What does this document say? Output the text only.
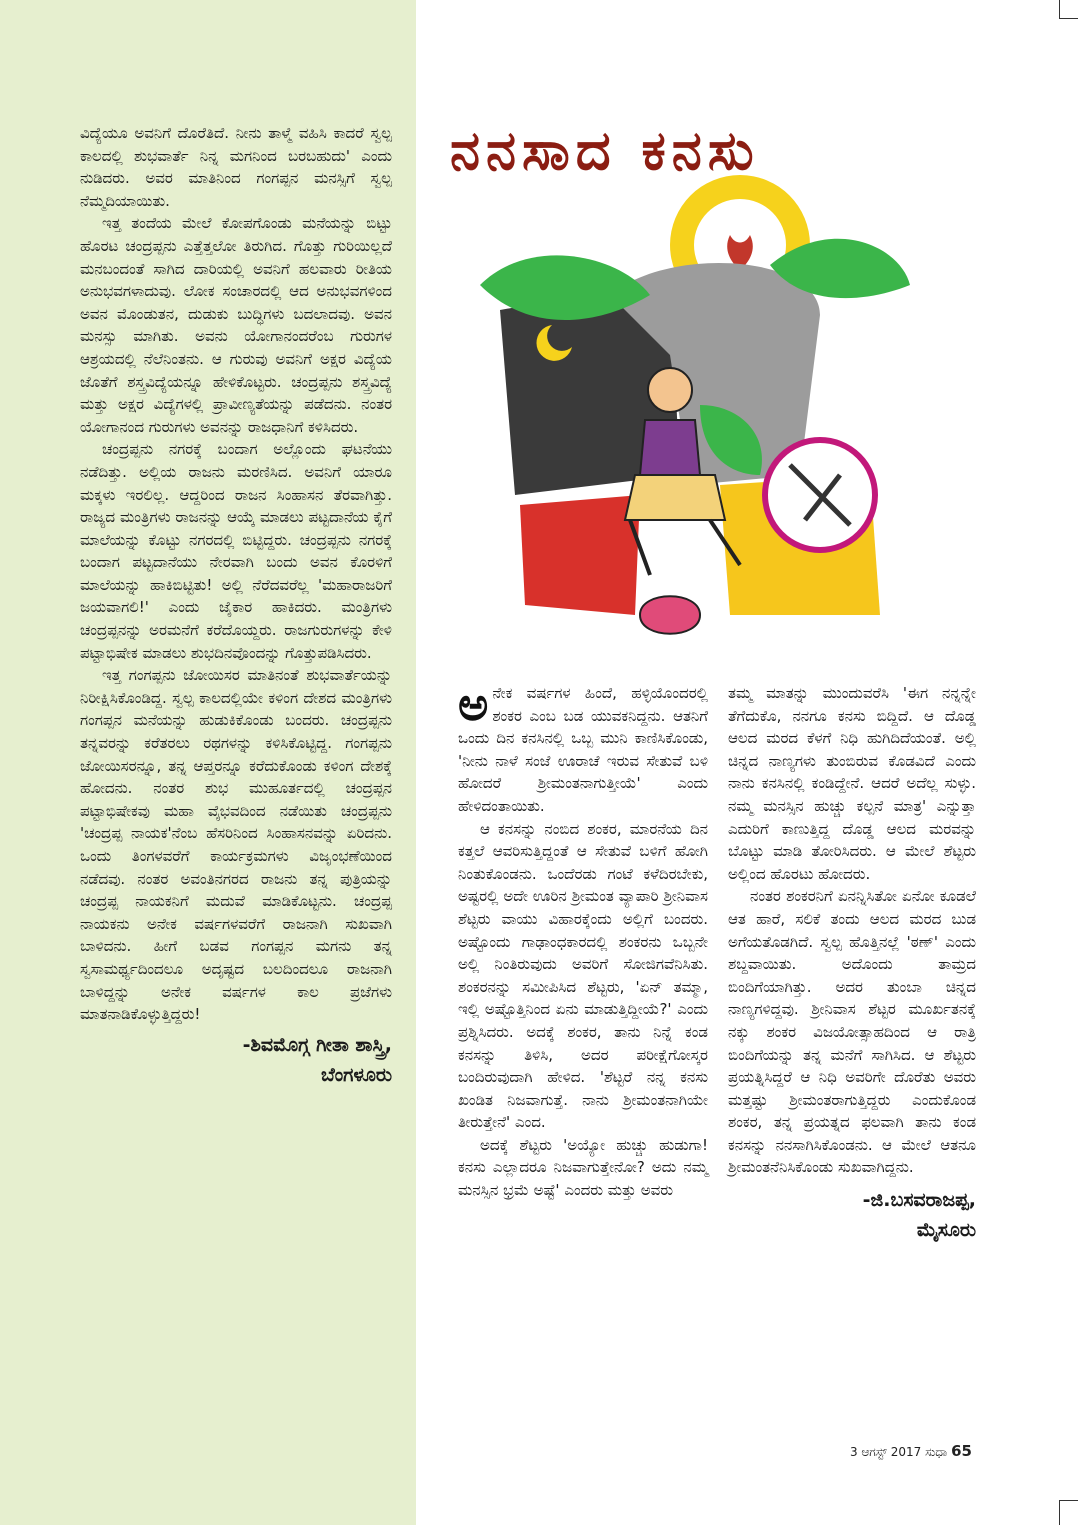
ವಿದ್ಯೆಯೂ ಅವನಿಗೆ ದೊರೆತಿದೆ. ನೀನು ತಾಳ್ಮೆ ವಹಿಸಿ ಕಾದರೆ ಸ್ವಲ್ಪ ಕಾಲದಲ್ಲಿ ಶುಭವಾರ್ತೆ ನಿನ್ನ ಮಗನಿಂದ ಬರಬಹುದು' ಎಂದು ನುಡಿದರು. ಅವರ ಮಾತಿನಿಂದ ಗಂಗಪ್ಪನ ಮನಸ್ಸಿಗೆ ಸ್ವಲ್ಪ ನೆಮ್ಮದಿಯಾಯಿತು.

ಇತ್ತ ತಂದೆಯ ಮೇಲೆ ಕೋಪಗೊಂಡು ಮನೆಯನ್ನು ಬಿಟ್ಟು ಹೊರಟ ಚಂದ್ರಪ್ಪನು ಎತ್ತೆತ್ತಲೋ ತಿರುಗಿದ. ಗೊತ್ತು ಗುರಿಯಿಲ್ಲದೆ ಮನಬಂದಂತೆ ಸಾಗಿದ ದಾರಿಯಲ್ಲಿ ಅವನಿಗೆ ಹಲವಾರು ರೀತಿಯ ಅನುಭವಗಳಾದುವು. ಲೋಕ ಸಂಚಾರದಲ್ಲಿ ಆದ ಅನುಭವಗಳಿಂದ ಅವನ ಮೊಂಡುತನ, ದುಡುಕು ಬುದ್ಧಿಗಳು ಬದಲಾದವು. ಅವನ ಮನಸ್ಸು ಮಾಗಿತು. ಅವನು ಯೋಗಾನಂದರೆಂಬ ಗುರುಗಳ ಆಶ್ರಯದಲ್ಲಿ ನೆಲೆನಿಂತನು. ಆ ಗುರುವು ಅವನಿಗೆ ಅಕ್ಷರ ವಿದ್ಯೆಯ ಜೊತೆಗೆ ಶಸ್ತ್ರವಿದ್ಯೆಯನ್ನೂ ಹೇಳಿಕೊಟ್ಟರು. ಚಂದ್ರಪ್ಪನು ಶಸ್ತ್ರವಿದ್ಯೆ ಮತ್ತು ಅಕ್ಷರ ವಿದ್ಯೆಗಳಲ್ಲಿ ಪ್ರಾವೀಣ್ಯತೆಯನ್ನು ಪಡೆದನು. ನಂತರ ಯೋಗಾನಂದ ಗುರುಗಳು ಅವನನ್ನು ರಾಜಧಾನಿಗೆ ಕಳಿಸಿದರು.

ಚಂದ್ರಪ್ಪನು ನಗರಕ್ಕೆ ಬಂದಾಗ ಅಲ್ಲೊಂದು ಘಟನೆಯು ನಡೆದಿತ್ತು. ಅಲ್ಲಿಯ ರಾಜನು ಮರಣಿಸಿದ. ಅವನಿಗೆ ಯಾರೂ ಮಕ್ಕಳು ಇರಲಿಲ್ಲ. ಆದ್ದರಿಂದ ರಾಜನ ಸಿಂಹಾಸನ ತೆರವಾಗಿತ್ತು. ರಾಜ್ಯದ ಮಂತ್ರಿಗಳು ರಾಜನನ್ನು ಆಯ್ಕೆ ಮಾಡಲು ಪಟ್ಟದಾನೆಯ ಕೈಗೆ ಮಾಲೆಯನ್ನು ಕೊಟ್ಟು ನಗರದಲ್ಲಿ ಬಿಟ್ಟಿದ್ದರು. ಚಂದ್ರಪ್ಪನು ನಗರಕ್ಕೆ ಬಂದಾಗ ಪಟ್ಟದಾನೆಯು ನೇರವಾಗಿ ಬಂದು ಅವನ ಕೊರಳಿಗೆ ಮಾಲೆಯನ್ನು ಹಾಕಿಬಿಟ್ಟಿತು! ಅಲ್ಲಿ ನೆರೆದವರೆಲ್ಲ 'ಮಹಾರಾಜರಿಗೆ ಜಯವಾಗಲಿ!' ಎಂದು ಜೈಕಾರ ಹಾಕಿದರು. ಮಂತ್ರಿಗಳು ಚಂದ್ರಪ್ಪನನ್ನು ಅರಮನೆಗೆ ಕರೆದೊಯ್ದರು. ರಾಜಗುರುಗಳನ್ನು ಕೇಳಿ ಪಟ್ಟಾಭಿಷೇಕ ಮಾಡಲು ಶುಭದಿನವೊಂದನ್ನು ಗೊತ್ತುಪಡಿಸಿದರು.

ಇತ್ತ ಗಂಗಪ್ಪನು ಜೋಯಿಸರ ಮಾತಿನಂತೆ ಶುಭವಾರ್ತೆಯನ್ನು ನಿರೀಕ್ಷಿಸಿಕೊಂಡಿದ್ದ. ಸ್ವಲ್ಪ ಕಾಲದಲ್ಲಿಯೇ ಕಳಿಂಗ ದೇಶದ ಮಂತ್ರಿಗಳು ಗಂಗಪ್ಪನ ಮನೆಯನ್ನು ಹುಡುಕಿಕೊಂಡು ಬಂದರು. ಚಂದ್ರಪ್ಪನು ತನ್ನವರನ್ನು ಕರೆತರಲು ರಥಗಳನ್ನು ಕಳಿಸಿಕೊಟ್ಟಿದ್ದ. ಗಂಗಪ್ಪನು ಜೋಯಿಸರನ್ನೂ, ತನ್ನ ಆಪ್ತರನ್ನೂ ಕರೆದುಕೊಂಡು ಕಳಿಂಗ ದೇಶಕ್ಕೆ ಹೋದನು. ನಂತರ ಶುಭ ಮುಹೂರ್ತದಲ್ಲಿ ಚಂದ್ರಪ್ಪನ ಪಟ್ಟಾಭಿಷೇಕವು ಮಹಾ ವೈಭವದಿಂದ ನಡೆಯಿತು ಚಂದ್ರಪ್ಪನು 'ಚಂದ್ರಪ್ಪ ನಾಯಕ'ನೆಂಬ ಹೆಸರಿನಿಂದ ಸಿಂಹಾಸನವನ್ನು ಏರಿದನು. ಒಂದು ತಿಂಗಳವರೆಗೆ ಕಾರ್ಯಕ್ರಮಗಳು ವಿಜೃಂಭಣೆಯಿಂದ ನಡೆದವು. ನಂತರ ಅವಂತಿನಗರದ ರಾಜನು ತನ್ನ ಪುತ್ರಿಯನ್ನು ಚಂದ್ರಪ್ಪ ನಾಯಕನಿಗೆ ಮದುವೆ ಮಾಡಿಕೊಟ್ಟನು. ಚಂದ್ರಪ್ಪ ನಾಯಕನು ಅನೇಕ ವರ್ಷಗಳವರೆಗೆ ರಾಜನಾಗಿ ಸುಖವಾಗಿ ಬಾಳಿದನು. ಹೀಗೆ ಬಡವ ಗಂಗಪ್ಪನ ಮಗನು ತನ್ನ ಸ್ವಸಾಮರ್ಥ್ಯದಿಂದಲೂ ಅದೃಷ್ಟದ ಬಲದಿಂದಲೂ ರಾಜನಾಗಿ ಬಾಳಿದ್ದನ್ನು ಅನೇಕ ವರ್ಷಗಳ ಕಾಲ ಪ್ರಜೆಗಳು ಮಾತನಾಡಿಕೊಳ್ಳುತ್ತಿದ್ದರು!

-ಶಿವಮೊಗ್ಗ ಗೀತಾ ಶಾಸ್ತ್ರಿ,
ಬೆಂಗಳೂರು
ನನಸಾದ ಕನಸು

ಅನೇಕ ವರ್ಷಗಳ ಹಿಂದೆ, ಹಳ್ಳಿಯೊಂದರಲ್ಲಿ ಶಂಕರ ಎಂಬ ಬಡ ಯುವಕನಿದ್ದನು. ಆತನಿಗೆ ಒಂದು ದಿನ ಕನಸಿನಲ್ಲಿ ಒಬ್ಬ ಮುನಿ ಕಾಣಿಸಿಕೊಂಡು, 'ನೀನು ನಾಳೆ ಸಂಜೆ ಊರಾಚೆ ಇರುವ ಸೇತುವೆ ಬಳಿ ಹೋದರೆ ಶ್ರೀಮಂತನಾಗುತ್ತೀಯೆ' ಎಂದು ಹೇಳಿದಂತಾಯಿತು.

ಆ ಕನಸನ್ನು ನಂಬಿದ ಶಂಕರ, ಮಾರನೆಯ ದಿನ ಕತ್ತಲೆ ಆವರಿಸುತ್ತಿದ್ದಂತೆ ಆ ಸೇತುವೆ ಬಳಿಗೆ ಹೋಗಿ ನಿಂತುಕೊಂಡನು. ಒಂದೆರಡು ಗಂಟೆ ಕಳೆದಿರಬೇಕು, ಅಷ್ಟರಲ್ಲಿ ಅದೇ ಊರಿನ ಶ್ರೀಮಂತ ವ್ಯಾಪಾರಿ ಶ್ರೀನಿವಾಸ ಶೆಟ್ಟರು ವಾಯು ವಿಹಾರಕ್ಕೆಂದು ಅಲ್ಲಿಗೆ ಬಂದರು. ಅಷ್ಟೊಂದು ಗಾಢಾಂಧಕಾರದಲ್ಲಿ ಶಂಕರನು ಒಬ್ಬನೇ ಅಲ್ಲಿ ನಿಂತಿರುವುದು ಅವರಿಗೆ ಸೋಜಿಗವೆನಿಸಿತು. ಶಂಕರನನ್ನು ಸಮೀಪಿಸಿದ ಶೆಟ್ಟರು, 'ಏನ್ ತಮ್ಮಾ, ಇಲ್ಲಿ ಅಷ್ಟೊತ್ತಿನಿಂದ ಏನು ಮಾಡುತ್ತಿದ್ದೀಯೆ?' ಎಂದು ಪ್ರಶ್ನಿಸಿದರು. ಅದಕ್ಕೆ ಶಂಕರ, ತಾನು ನಿನ್ನೆ ಕಂಡ ಕನಸನ್ನು ತಿಳಿಸಿ, ಅದರ ಪರೀಕ್ಷೆಗೋಸ್ಕರ ಬಂದಿರುವುದಾಗಿ ಹೇಳಿದ. 'ಶೆಟ್ಟರೆ ನನ್ನ ಕನಸು ಖಂಡಿತ ನಿಜವಾಗುತ್ತೆ. ನಾನು ಶ್ರೀಮಂತನಾಗಿಯೇ ತೀರುತ್ತೇನೆ' ಎಂದ.

ಅದಕ್ಕೆ ಶೆಟ್ಟರು 'ಅಯ್ಯೋ ಹುಚ್ಚು ಹುಡುಗಾ! ಕನಸು ಎಲ್ಲಾದರೂ ನಿಜವಾಗುತ್ತೇನೋ? ಅದು ನಮ್ಮ ಮನಸ್ಸಿನ ಭ್ರಮೆ ಅಷ್ಟೆ' ಎಂದರು ಮತ್ತು ಅವರು

ತಮ್ಮ ಮಾತನ್ನು ಮುಂದುವರೆಸಿ 'ಈಗ ನನ್ನನ್ನೇ ತೆಗೆದುಕೊ, ನನಗೂ ಕನಸು ಬಿದ್ದಿದೆ. ಆ ದೊಡ್ಡ ಆಲದ ಮರದ ಕೆಳಗೆ ನಿಧಿ ಹುಗಿದಿದೆಯಂತೆ. ಅಲ್ಲಿ ಚಿನ್ನದ ನಾಣ್ಯಗಳು ತುಂಬಿರುವ ಕೊಡವಿದೆ ಎಂದು ನಾನು ಕನಸಿನಲ್ಲಿ ಕಂಡಿದ್ದೇನೆ. ಆದರೆ ಅದೆಲ್ಲ ಸುಳ್ಳು. ನಮ್ಮ ಮನಸ್ಸಿನ ಹುಚ್ಚು ಕಲ್ಪನೆ ಮಾತ್ರ' ಎನ್ನುತ್ತಾ ಎದುರಿಗೆ ಕಾಣುತ್ತಿದ್ದ ದೊಡ್ಡ ಆಲದ ಮರವನ್ನು ಬೊಟ್ಟು ಮಾಡಿ ತೋರಿಸಿದರು. ಆ ಮೇಲೆ ಶೆಟ್ಟರು ಅಲ್ಲಿಂದ ಹೊರಟು ಹೋದರು.

ನಂತರ ಶಂಕರನಿಗೆ ಏನನ್ನಿಸಿತೋ ಏನೋ ಕೂಡಲೆ ಆತ ಹಾರೆ, ಸಲಿಕೆ ತಂದು ಆಲದ ಮರದ ಬುಡ ಅಗೆಯತೊಡಗಿದೆ. ಸ್ವಲ್ಪ ಹೊತ್ತಿನಲ್ಲೆ 'ಠಣ್' ಎಂದು ಶಬ್ದವಾಯಿತು. ಅದೊಂದು ತಾಮ್ರದ ಬಿಂದಿಗೆಯಾಗಿತ್ತು. ಅದರ ತುಂಬಾ ಚಿನ್ನದ ನಾಣ್ಯಗಳಿದ್ದವು. ಶ್ರೀನಿವಾಸ ಶೆಟ್ಟರ ಮೂರ್ಖತನಕ್ಕೆ ನಕ್ಕು ಶಂಕರ ವಿಜಯೋತ್ಸಾಹದಿಂದ ಆ ರಾತ್ರಿ ಬಿಂದಿಗೆಯನ್ನು ತನ್ನ ಮನೆಗೆ ಸಾಗಿಸಿದ. ಆ ಶೆಟ್ಟರು ಪ್ರಯತ್ನಿಸಿದ್ದರೆ ಆ ನಿಧಿ ಅವರಿಗೇ ದೊರೆತು ಅವರು ಮತ್ತಷ್ಟು ಶ್ರೀಮಂತರಾಗುತ್ತಿದ್ದರು ಎಂದುಕೊಂಡ ಶಂಕರ, ತನ್ನ ಪ್ರಯತ್ನದ ಫಲವಾಗಿ ತಾನು ಕಂಡ ಕನಸನ್ನು ನನಸಾಗಿಸಿಕೊಂಡನು. ಆ ಮೇಲೆ ಆತನೂ ಶ್ರೀಮಂತನೆನಿಸಿಕೊಂಡು ಸುಖವಾಗಿದ್ದನು.

-ಜಿ.ಬಸವರಾಜಪ್ಪ,
ಮೈಸೂರು
3 ಆಗಸ್ಟ್ 2017 ಸುಧಾ 65
